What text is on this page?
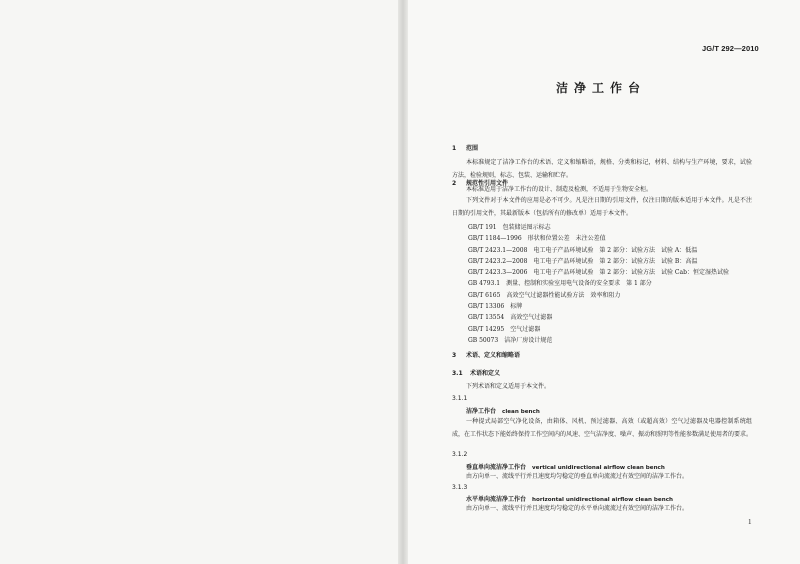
JG/T 292—2010
洁净工作台
1 范围
本标准规定了洁净工作台的术语、定义和缩略语，规格、分类和标记，材料、结构与生产环境，要求，试验方法，检验规则，标志、包装、运输和贮存。
本标准适用于洁净工作台的设计、制造及检测，不适用于生物安全柜。
2 规范性引用文件
下列文件对于本文件的应用是必不可少。凡是注日期的引用文件，仅注日期的版本适用于本文件。凡是不注日期的引用文件，其最新版本（包括所有的修改单）适用于本文件。
GB/T 191　包装储运图示标志
GB/T 1184—1996　形状和位置公差　未注公差值
GB/T 2423.1—2008　电工电子产品环境试验　第 2 部分：试验方法　试验 A：低温
GB/T 2423.2—2008　电工电子产品环境试验　第 2 部分：试验方法　试验 B：高温
GB/T 2423.3—2006　电工电子产品环境试验　第 2 部分：试验方法　试验 Cab：恒定湿热试验
GB 4793.1　测量、控制和实验室用电气设备的安全要求　第 1 部分
GB/T 6165　高效空气过滤器性能试验方法　效率和阻力
GB/T 13306　标牌
GB/T 13554　高效空气过滤器
GB/T 14295　空气过滤器
GB 50073　洁净厂房设计规范
3 术语、定义和缩略语
3.1 术语和定义
下列术语和定义适用于本文件。
3.1.1
洁净工作台 clean bench
一种提式局部空气净化设备，由箱体、风机、预过滤器、高效（或超高效）空气过滤器及电器控制系统组成，在工作状态下能始终保持工作空间内的风速、空气洁净度、噪声、振动和照明等性能参数满足使用者的要求。
3.1.2
垂直单向流洁净工作台 vertical unidirectional airflow clean bench
由方向单一、流线平行并且速度均匀稳定的垂直单向流流过有效空间的洁净工作台。
3.1.3
水平单向流洁净工作台 horizontal unidirectional airflow clean bench
由方向单一、流线平行并且速度均匀稳定的水平单向流流过有效空间的洁净工作台。
1
